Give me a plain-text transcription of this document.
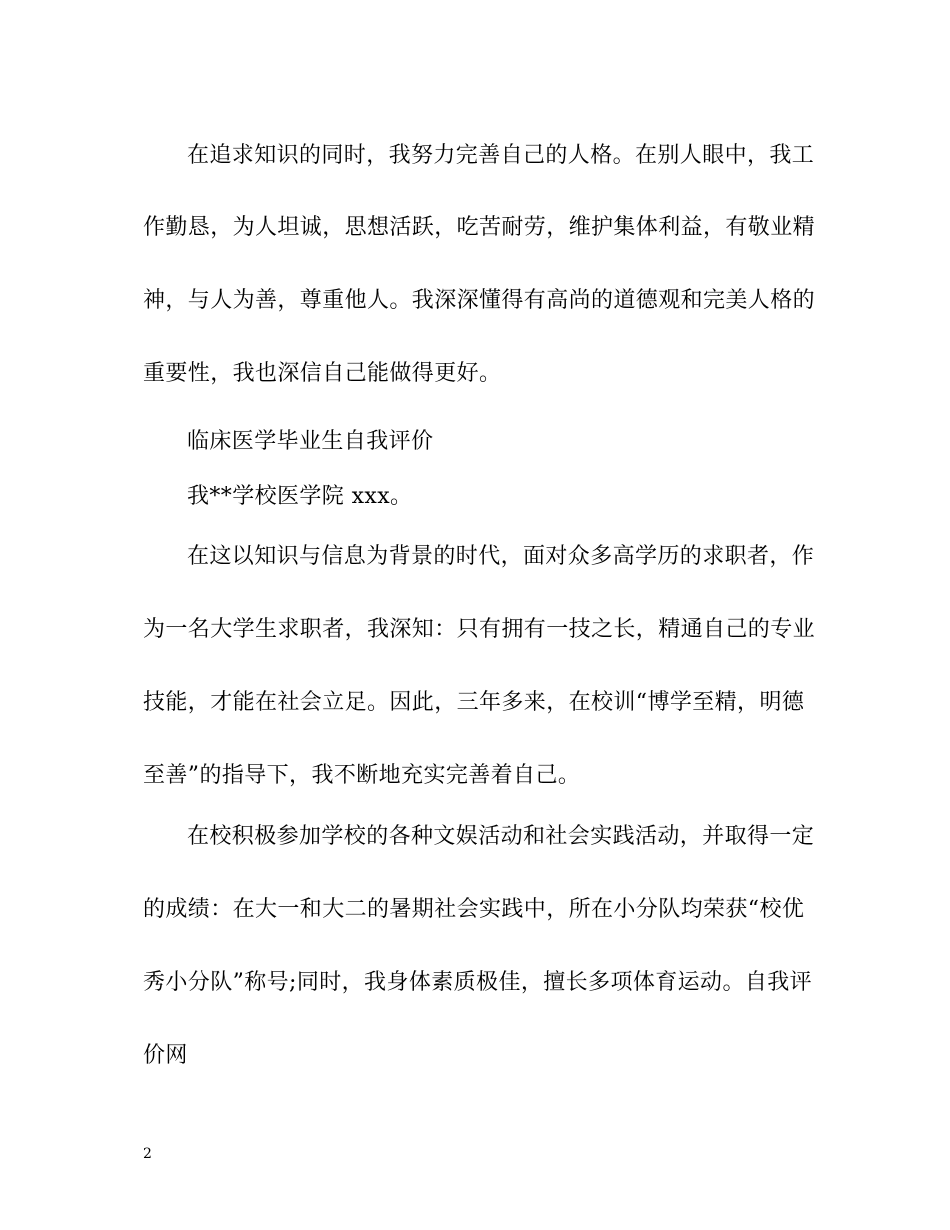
在追求知识的同时，我努力完善自己的人格。在别人眼中，我工
作勤恳，为人坦诚，思想活跃，吃苦耐劳，维护集体利益，有敬业精
神，与人为善，尊重他人。我深深懂得有高尚的道德观和完美人格的
重要性，我也深信自己能做得更好。
临床医学毕业生自我评价
我**学校医学院 xxx。
在这以知识与信息为背景的时代，面对众多高学历的求职者，作
为一名大学生求职者，我深知：只有拥有一技之长，精通自己的专业
技能，才能在社会立足。因此，三年多来，在校训“博学至精，明德
至善”的指导下，我不断地充实完善着自己。
在校积极参加学校的各种文娱活动和社会实践活动，并取得一定
的成绩：在大一和大二的暑期社会实践中，所在小分队均荣获“校优
秀小分队”称号;同时，我身体素质极佳，擅长多项体育运动。自我评
价网
2
